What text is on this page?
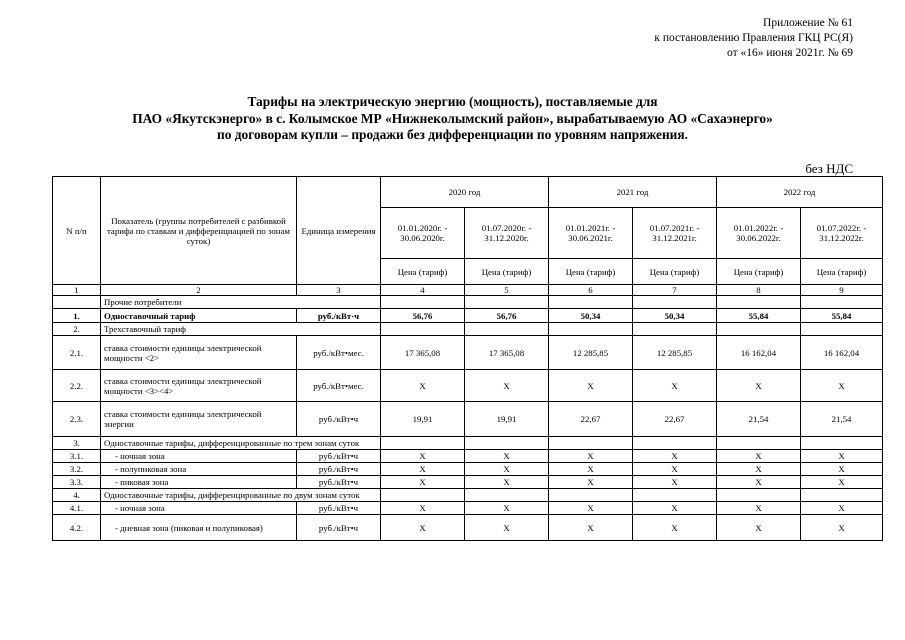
Приложение № 61
к постановлению Правления ГКЦ РС(Я)
от «16» июня 2021г. № 69
Тарифы на электрическую энергию (мощность), поставляемые для
ПАО «Якутскэнерго» в с. Колымское МР «Нижнеколымский район», вырабатываемую АО «Сахаэнерго»
по договорам купли – продажи без дифференциации по уровням напряжения.
без НДС
N п/п	Показатель (группы потребителей с разбивкой тарифа по ставкам и дифференциацией по зонам суток)	Единица измерения	2020 год		2021 год		2022 год	
			01.01.2020г. - 30.06.2020г.	01.07.2020г. - 31.12.2020г.	01.01.2021г. - 30.06.2021г.	01.07.2021г. - 31.12.2021г.	01.01.2022г. - 30.06.2022г.	01.07.2022г. - 31.12.2022г.
			Цена (тариф)	Цена (тариф)	Цена (тариф)	Цена (тариф)	Цена (тариф)	Цена (тариф)
1	2	3	4	5	6	7	8	9
	Прочие потребители							
1.	Одноставочный тариф	руб./кВт·ч	56,76	56,76	50,34	50,34	55,84	55,84
2.	Трехставочный тариф							
2.1.	ставка стоимости единицы электрической мощности <2>	руб./кВт•мес.	17 365,08	17 365,08	12 285,85	12 285,85	16 162,04	16 162,04
2.2.	ставка стоимости единицы электрической мощности <3><4>	руб./кВт•мес.	X	X	X	X	X	X
2.3.	ставка стоимости единицы электрической энергии	руб./кВт•ч	19,91	19,91	22,67	22,67	21,54	21,54
3.	Одноставочные тарифы, дифференцированные по трем зонам суток							
3.1.	- ночная зона	руб./кВт•ч	X	X	X	X	X	X
3.2.	- полупиковая зона	руб./кВт•ч	X	X	X	X	X	X
3.3.	- пиковая зона	руб./кВт•ч	X	X	X	X	X	X
4.	Одноставочные тарифы, дифференцированные по двум зонам суток							
4.1.	- ночная зона	руб./кВт•ч	X	X	X	X	X	X
4.2.	- дневная зона (пиковая и полупиковая)	руб./кВт•ч	X	X	X	X	X	X
